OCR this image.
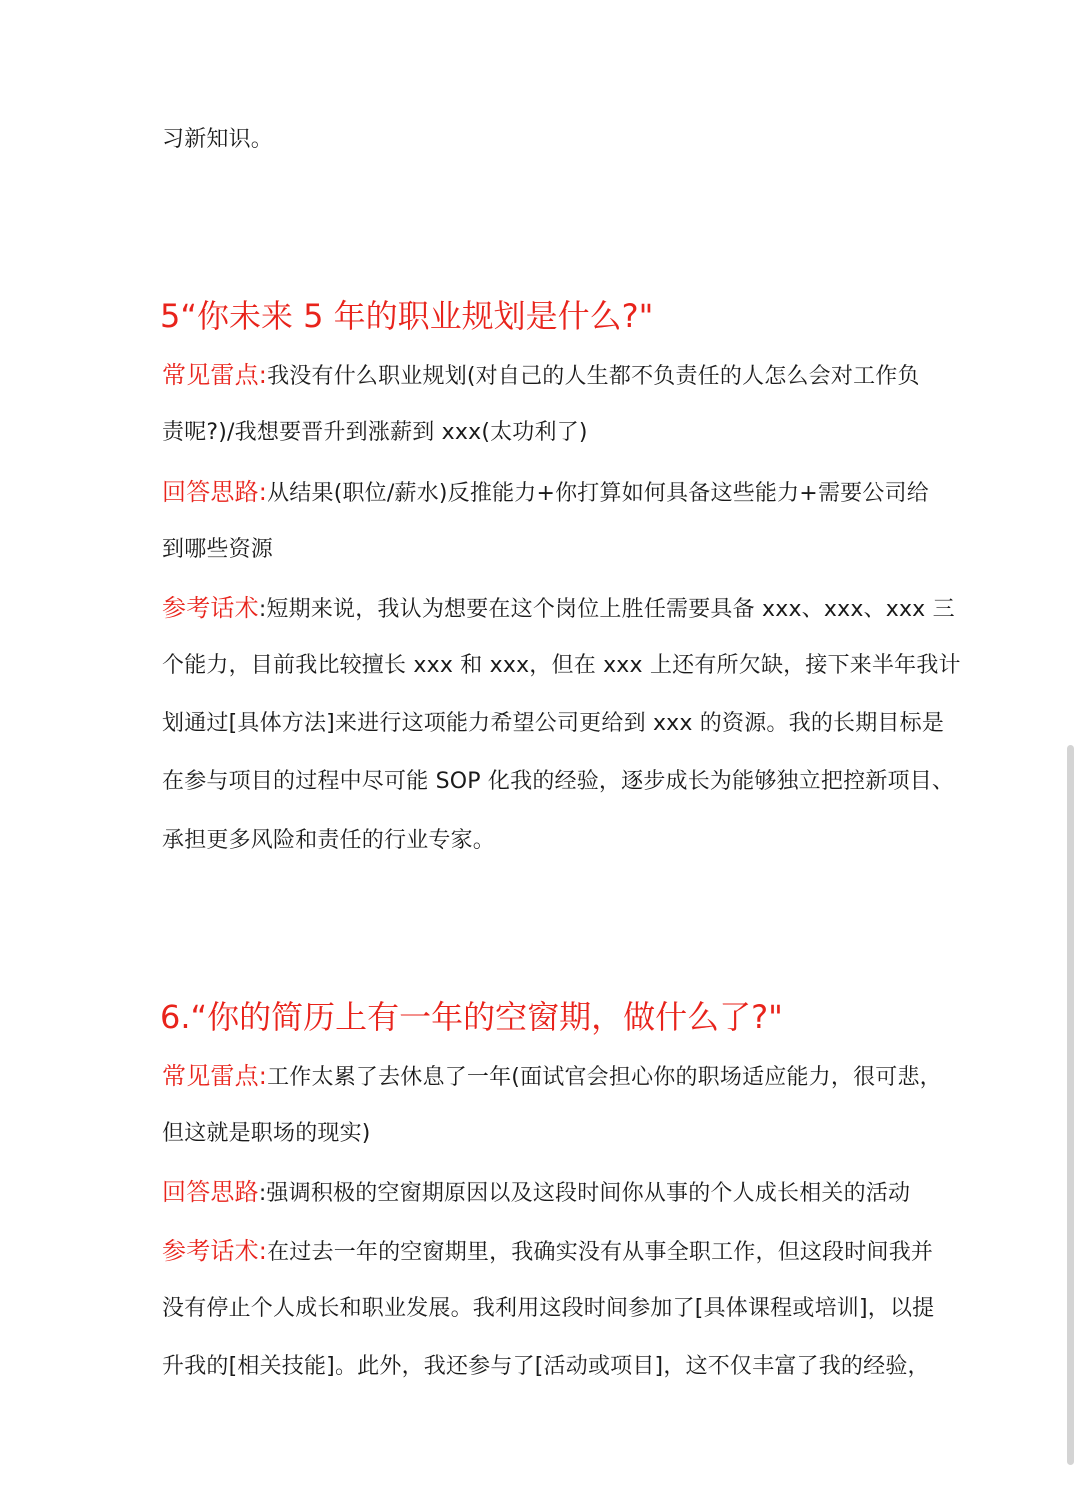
习新知识。
5“你未来 5 年的职业规划是什么?"
常见雷点:我没有什么职业规划(对自己的人生都不负责任的人怎么会对工作负
责呢?)/我想要晋升到涨薪到 xxx(太功利了)
回答思路:从结果(职位/薪水)反推能力+你打算如何具备这些能力+需要公司给
到哪些资源
参考话术:短期来说，我认为想要在这个岗位上胜任需要具备 xxx、xxx、xxx 三
个能力，目前我比较擅长 xxx 和 xxx，但在 xxx 上还有所欠缺，接下来半年我计
划通过[具体方法]来进行这项能力希望公司更给到 xxx 的资源。我的长期目标是
在参与项目的过程中尽可能 SOP 化我的经验，逐步成长为能够独立把控新项目、
承担更多风险和责任的行业专家。
6.“你的简历上有一年的空窗期，做什么了?"
常见雷点:工作太累了去休息了一年(面试官会担心你的职场适应能力，很可悲，
但这就是职场的现实)
回答思路:强调积极的空窗期原因以及这段时间你从事的个人成长相关的活动
参考话术:在过去一年的空窗期里，我确实没有从事全职工作，但这段时间我并
没有停止个人成长和职业发展。我利用这段时间参加了[具体课程或培训]，以提
升我的[相关技能]。此外，我还参与了[活动或项目]，这不仅丰富了我的经验，
